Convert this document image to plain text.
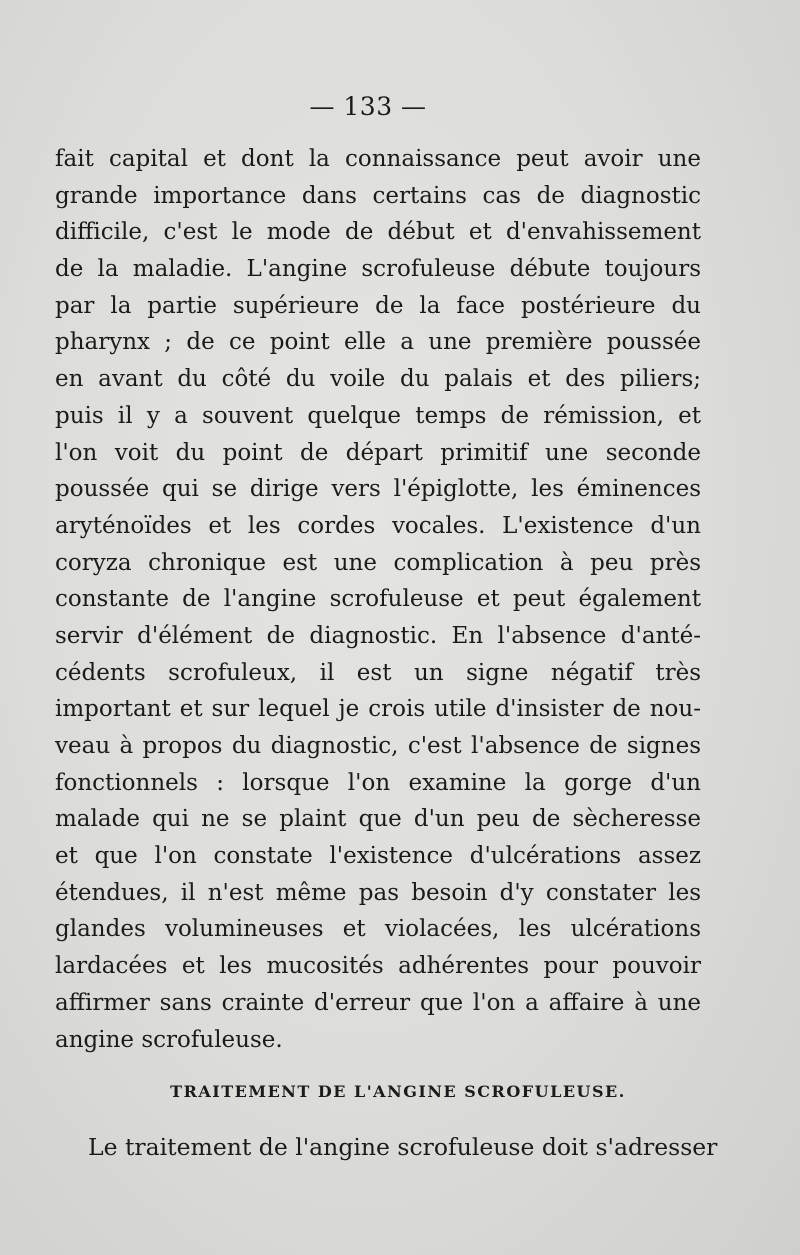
— 133 —
fait capital et dont la connaissance peut avoir une
grande importance dans certains cas de diagnostic
difficile, c'est le mode de début et d'envahissement
de la maladie. L'angine scrofuleuse débute toujours
par la partie supérieure de la face postérieure du
pharynx ; de ce point elle a une première poussée
en avant du côté du voile du palais et des piliers;
puis il y a souvent quelque temps de rémission, et
l'on voit du point de départ primitif une seconde
poussée qui se dirige vers l'épiglotte, les éminences
aryténoïdes et les cordes vocales. L'existence d'un
coryza chronique est une complication à peu près
constante de l'angine scrofuleuse et peut également
servir d'élément de diagnostic. En l'absence d'anté-
cédents scrofuleux, il est un signe négatif très
important et sur lequel je crois utile d'insister de nou-
veau à propos du diagnostic, c'est l'absence de signes
fonctionnels : lorsque l'on examine la gorge d'un
malade qui ne se plaint que d'un peu de sècheresse
et que l'on constate l'existence d'ulcérations assez
étendues, il n'est même pas besoin d'y constater les
glandes volumineuses et violacées, les ulcérations
lardacées et les mucosités adhérentes pour pouvoir
affirmer sans crainte d'erreur que l'on a affaire à une
angine scrofuleuse.
TRAITEMENT DE L'ANGINE SCROFULEUSE.
Le traitement de l'angine scrofuleuse doit s'adresser
